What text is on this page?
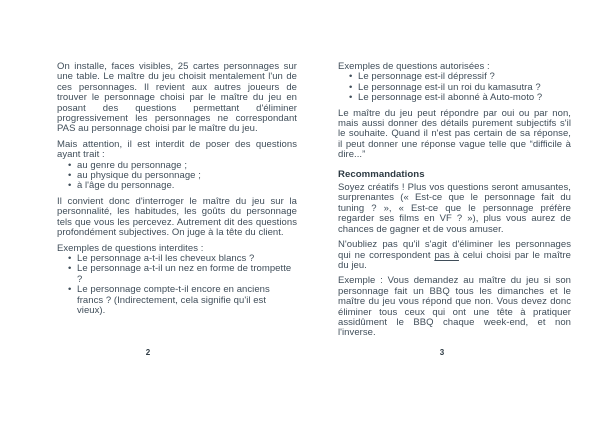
On installe, faces visibles, 25 cartes personnages sur une table. Le maître du jeu choisit mentalement l'un de ces personnages. Il revient aux autres joueurs de trouver le personnage choisi par le maître du jeu en posant des questions permettant d'éliminer progressivement les personnages ne correspondant PAS au personnage choisi par le maître du jeu.

Mais attention, il est interdit de poser des questions ayant trait :

• au genre du personnage ;
• au physique du personnage ;
• à l'âge du personnage.

Il convient donc d'interroger le maître du jeu sur la personnalité, les habitudes, les goûts du personnage tels que vous les percevez. Autrement dit des questions profondément subjectives. On juge à la tête du client.

Exemples de questions interdites :

• Le personnage a-t-il les cheveux blancs ?
• Le personnage a-t-il un nez en forme de trompette ?
• Le personnage compte-t-il encore en anciens francs ? (Indirectement, cela signifie qu'il est vieux).

Exemples de questions autorisées :

• Le personnage est-il dépressif ?
• Le personnage est-il un roi du kamasutra ?
• Le personnage est-il abonné à Auto-moto ?

Le maître du jeu peut répondre par oui ou par non, mais aussi donner des détails purement subjectifs s'il le souhaite. Quand il n'est pas certain de sa réponse, il peut donner une réponse vague telle que “difficile à dire...”

Recommandations

Soyez créatifs ! Plus vos questions seront amusantes, surprenantes (« Est-ce que le personnage fait du tuning ? », « Est-ce que le personnage préfère regarder ses films en VF ? »), plus vous aurez de chances de gagner et de vous amuser.

N'oubliez pas qu'il s'agit d'éliminer les personnages qui ne correspondent pas à celui choisi par le maître du jeu.

Exemple : Vous demandez au maître du jeu si son personnage fait un BBQ tous les dimanches et le maître du jeu vous répond que non. Vous devez donc éliminer tous ceux qui ont une tête à pratiquer assidûment le BBQ chaque week-end, et non l'inverse.

2	3
